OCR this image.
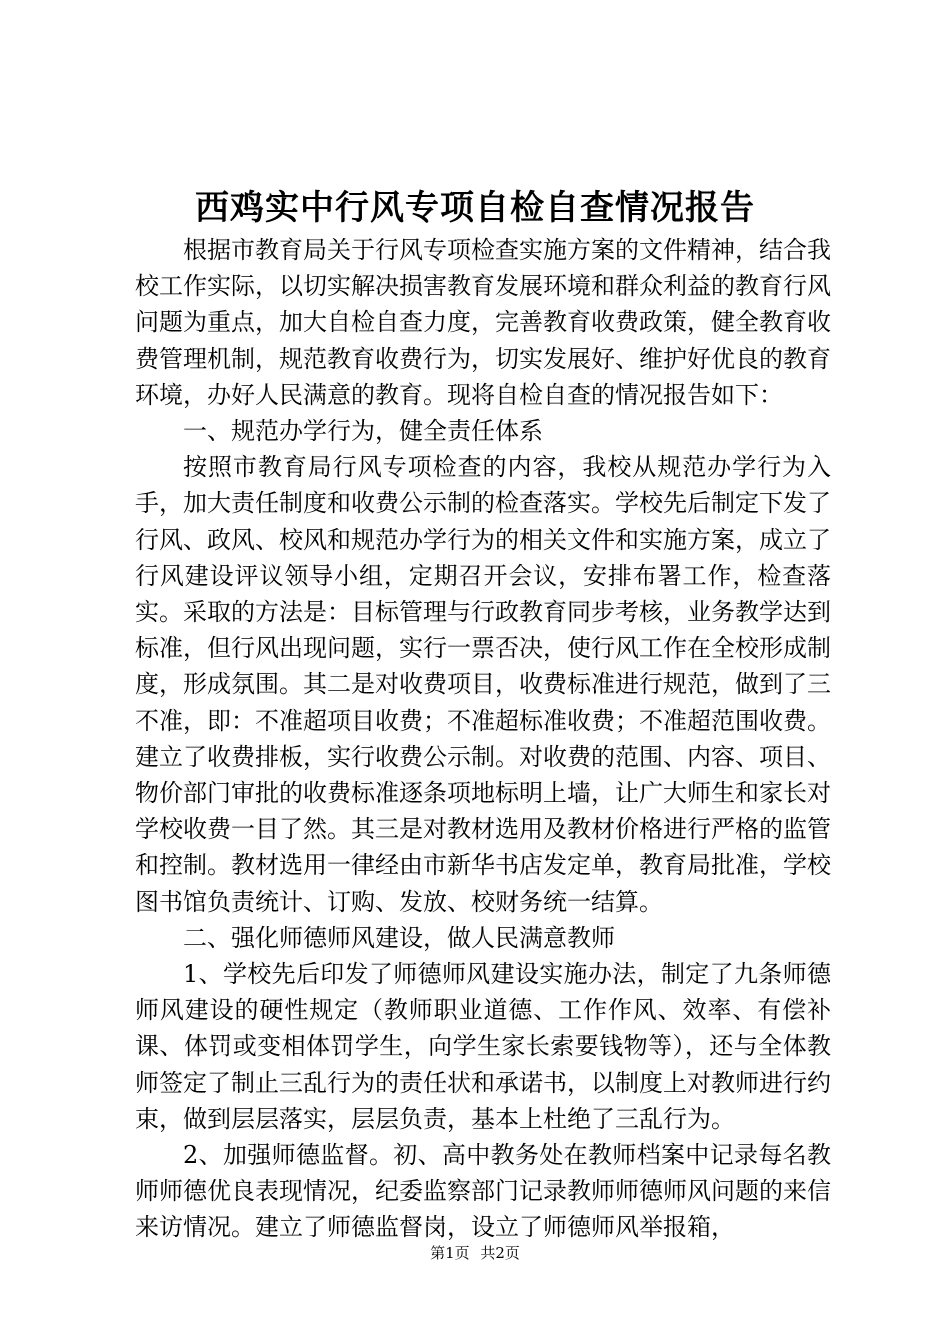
西鸡实中行风专项自检自查情况报告

根据市教育局关于行风专项检查实施方案的文件精神，结合我校工作实际，以切实解决损害教育发展环境和群众利益的教育行风问题为重点，加大自检自查力度，完善教育收费政策，健全教育收费管理机制，规范教育收费行为，切实发展好、维护好优良的教育环境，办好人民满意的教育。现将自检自查的情况报告如下：

一、规范办学行为，健全责任体系

按照市教育局行风专项检查的内容，我校从规范办学行为入手，加大责任制度和收费公示制的检查落实。学校先后制定下发了行风、政风、校风和规范办学行为的相关文件和实施方案，成立了行风建设评议领导小组，定期召开会议，安排布署工作，检查落实。采取的方法是：目标管理与行政教育同步考核，业务教学达到标准，但行风出现问题，实行一票否决，使行风工作在全校形成制度，形成氛围。其二是对收费项目，收费标准进行规范，做到了三不准，即：不准超项目收费；不准超标准收费；不准超范围收费。建立了收费排板，实行收费公示制。对收费的范围、内容、项目、物价部门审批的收费标准逐条项地标明上墙，让广大师生和家长对学校收费一目了然。其三是对教材选用及教材价格进行严格的监管和控制。教材选用一律经由市新华书店发定单，教育局批准，学校图书馆负责统计、订购、发放、校财务统一结算。

二、强化师德师风建设，做人民满意教师

1、学校先后印发了师德师风建设实施办法，制定了九条师德师风建设的硬性规定（教师职业道德、工作作风、效率、有偿补课、体罚或变相体罚学生，向学生家长索要钱物等），还与全体教师签定了制止三乱行为的责任状和承诺书，以制度上对教师进行约束，做到层层落实，层层负责，基本上杜绝了三乱行为。

2、加强师德监督。初、高中教务处在教师档案中记录每名教师师德优良表现情况，纪委监察部门记录教师师德师风问题的来信来访情况。建立了师德监督岗，设立了师德师风举报箱，

第1页 共2页
